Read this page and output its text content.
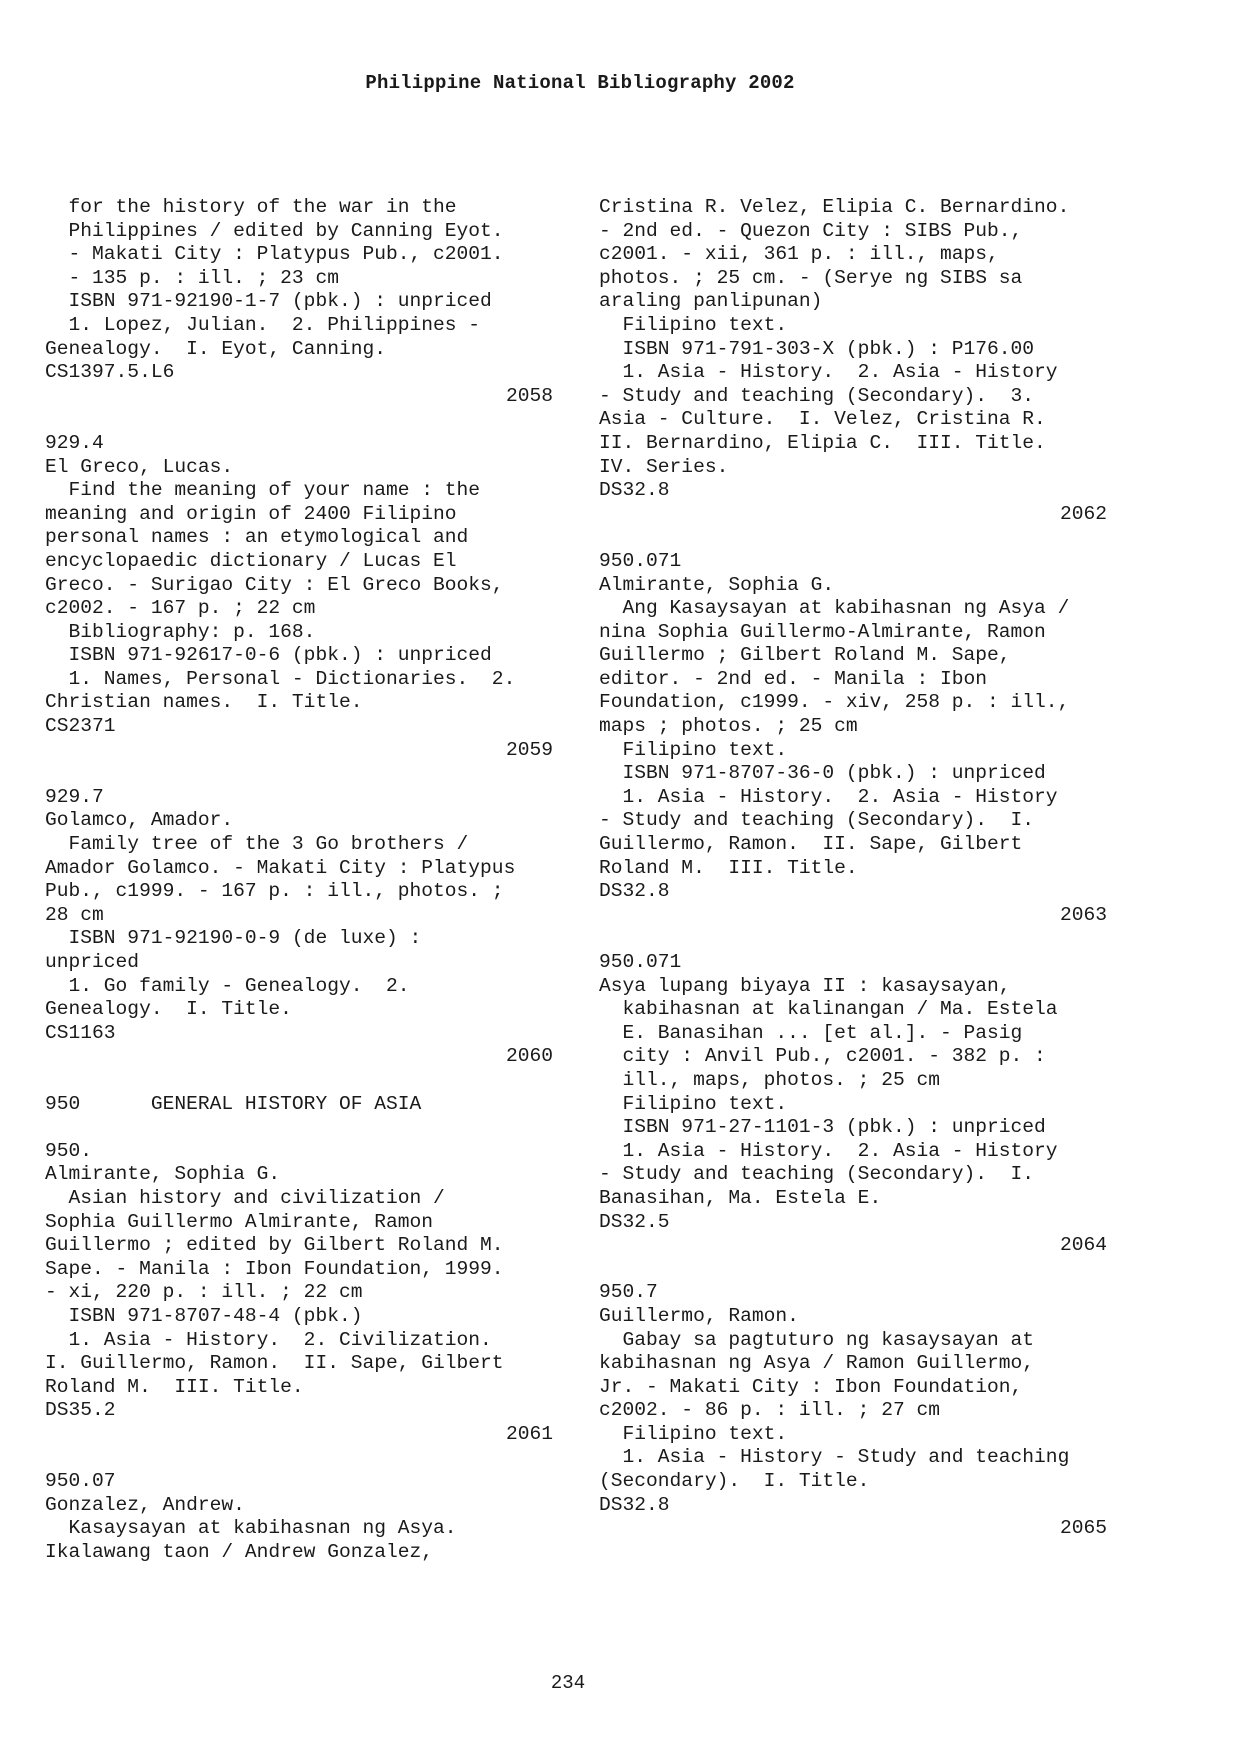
Philippine National Bibliography 2002
for the history of the war in the
Philippines / edited by Canning Eyot.
- Makati City : Platypus Pub., c2001.
- 135 p. : ill. ; 23 cm
ISBN 971-92190-1-7 (pbk.) : unpriced
1. Lopez, Julian.  2. Philippines -
Genealogy.  I. Eyot, Canning.
CS1397.5.L6
2058
929.4
El Greco, Lucas.
Find the meaning of your name : the
meaning and origin of 2400 Filipino
personal names : an etymological and
encyclopaedic dictionary / Lucas El
Greco. - Surigao City : El Greco Books,
c2002. - 167 p. ; 22 cm
Bibliography: p. 168.
ISBN 971-92617-0-6 (pbk.) : unpriced
1. Names, Personal - Dictionaries.  2.
Christian names.  I. Title.
CS2371
2059
929.7
Golamco, Amador.
Family tree of the 3 Go brothers /
Amador Golamco. - Makati City : Platypus
Pub., c1999. - 167 p. : ill., photos. ;
28 cm
ISBN 971-92190-0-9 (de luxe) :
unpriced
1. Go family - Genealogy.  2.
Genealogy.  I. Title.
CS1163
2060
950      GENERAL HISTORY OF ASIA
950.
Almirante, Sophia G.
Asian history and civilization /
Sophia Guillermo Almirante, Ramon
Guillermo ; edited by Gilbert Roland M.
Sape. - Manila : Ibon Foundation, 1999.
- xi, 220 p. : ill. ; 22 cm
ISBN 971-8707-48-4 (pbk.)
1. Asia - History.  2. Civilization.
I. Guillermo, Ramon.  II. Sape, Gilbert
Roland M.  III. Title.
DS35.2
2061
950.07
Gonzalez, Andrew.
Kasaysayan at kabihasnan ng Asya.
Ikalawang taon / Andrew Gonzalez,
Cristina R. Velez, Elipia C. Bernardino.
- 2nd ed. - Quezon City : SIBS Pub.,
c2001. - xii, 361 p. : ill., maps,
photos. ; 25 cm. - (Serye ng SIBS sa
araling panlipunan)
Filipino text.
ISBN 971-791-303-X (pbk.) : P176.00
1. Asia - History.  2. Asia - History
- Study and teaching (Secondary).  3.
Asia - Culture.  I. Velez, Cristina R.
II. Bernardino, Elipia C.  III. Title.
IV. Series.
DS32.8
2062
950.071
Almirante, Sophia G.
Ang Kasaysayan at kabihasnan ng Asya /
nina Sophia Guillermo-Almirante, Ramon
Guillermo ; Gilbert Roland M. Sape,
editor. - 2nd ed. - Manila : Ibon
Foundation, c1999. - xiv, 258 p. : ill.,
maps ; photos. ; 25 cm
Filipino text.
ISBN 971-8707-36-0 (pbk.) : unpriced
1. Asia - History.  2. Asia - History
- Study and teaching (Secondary).  I.
Guillermo, Ramon.  II. Sape, Gilbert
Roland M.  III. Title.
DS32.8
2063
950.071
Asya lupang biyaya II : kasaysayan,
kabihasnan at kalinangan / Ma. Estela
E. Banasihan ... [et al.]. - Pasig
city : Anvil Pub., c2001. - 382 p. :
ill., maps, photos. ; 25 cm
Filipino text.
ISBN 971-27-1101-3 (pbk.) : unpriced
1. Asia - History.  2. Asia - History
- Study and teaching (Secondary).  I.
Banasihan, Ma. Estela E.
DS32.5
2064
950.7
Guillermo, Ramon.
Gabay sa pagtuturo ng kasaysayan at
kabihasnan ng Asya / Ramon Guillermo,
Jr. - Makati City : Ibon Foundation,
c2002. - 86 p. : ill. ; 27 cm
Filipino text.
1. Asia - History - Study and teaching
(Secondary).  I. Title.
DS32.8
2065
234
